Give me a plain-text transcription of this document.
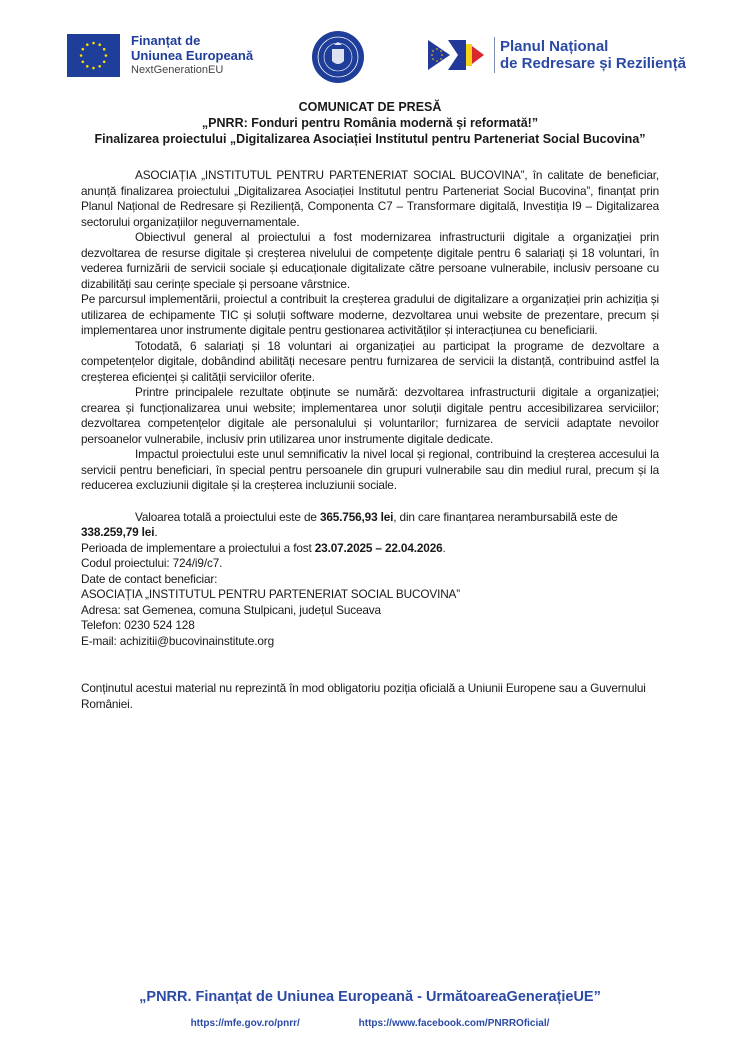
Finanțat de
Uniunea Europeană
NextGenerationEU
Planul Național
de Redresare și Reziliență
COMUNICAT DE PRESĂ
„PNRR: Fonduri pentru România modernă și reformată!”
Finalizarea proiectului „Digitalizarea Asociației Institutul pentru Parteneriat Social Bucovina”

ASOCIAȚIA „INSTITUTUL PENTRU PARTENERIAT SOCIAL BUCOVINA”, în calitate de beneficiar, anunță finalizarea proiectului „Digitalizarea Asociației Institutul pentru Parteneriat Social Bucovina”, finanțat prin Planul Național de Redresare și Reziliență, Componenta C7 – Transformare digitală, Investiția I9 – Digitalizarea sectorului organizațiilor neguvernamentale.

Obiectivul general al proiectului a fost modernizarea infrastructurii digitale a organizației prin dezvoltarea de resurse digitale și creșterea nivelului de competențe digitale pentru 6 salariați și 18 voluntari, în vederea furnizării de servicii sociale și educaționale digitalizate către persoane vulnerabile, inclusiv persoane cu dizabilități sau cerințe speciale și persoane vârstnice.

Pe parcursul implementării, proiectul a contribuit la creșterea gradului de digitalizare a organizației prin achiziția și utilizarea de echipamente TIC și soluții software moderne, dezvoltarea unui website de prezentare, precum și implementarea unor instrumente digitale pentru gestionarea activităților și interacțiunea cu beneficiarii.

Totodată, 6 salariați și 18 voluntari ai organizației au participat la programe de dezvoltare a competențelor digitale, dobândind abilități necesare pentru furnizarea de servicii la distanță, contribuind astfel la creșterea eficienței și calității serviciilor oferite.

Printre principalele rezultate obținute se numără: dezvoltarea infrastructurii digitale a organizației; crearea și funcționalizarea unui website; implementarea unor soluții digitale pentru accesibilizarea serviciilor; dezvoltarea competențelor digitale ale personalului și voluntarilor; furnizarea de servicii adaptate nevoilor persoanelor vulnerabile, inclusiv prin utilizarea unor instrumente digitale dedicate.

Impactul proiectului este unul semnificativ la nivel local și regional, contribuind la creșterea accesului la servicii pentru beneficiari, în special pentru persoanele din grupuri vulnerabile sau din mediul rural, precum și la reducerea excluziunii digitale și la creșterea incluziunii sociale.

Valoarea totală a proiectului este de 365.756,93 lei, din care finanțarea nerambursabilă este de 338.259,79 lei.

Perioada de implementare a proiectului a fost 23.07.2025 – 22.04.2026.

Codul proiectului: 724/i9/c7.

Date de contact beneficiar:

ASOCIAȚIA „INSTITUTUL PENTRU PARTENERIAT SOCIAL BUCOVINA”

Adresa: sat Gemenea, comuna Stulpicani, județul Suceava

Telefon: 0230 524 128

E-mail: achizitii@bucovinainstitute.org

Conținutul acestui material nu reprezintă în mod obligatoriu poziția oficială a Uniunii Europene sau a Guvernului României.

„PNRR. Finanțat de Uniunea Europeană - UrmătoareaGenerațieUE”
https://mfe.gov.ro/pnrr/	https://www.facebook.com/PNRROficial/
